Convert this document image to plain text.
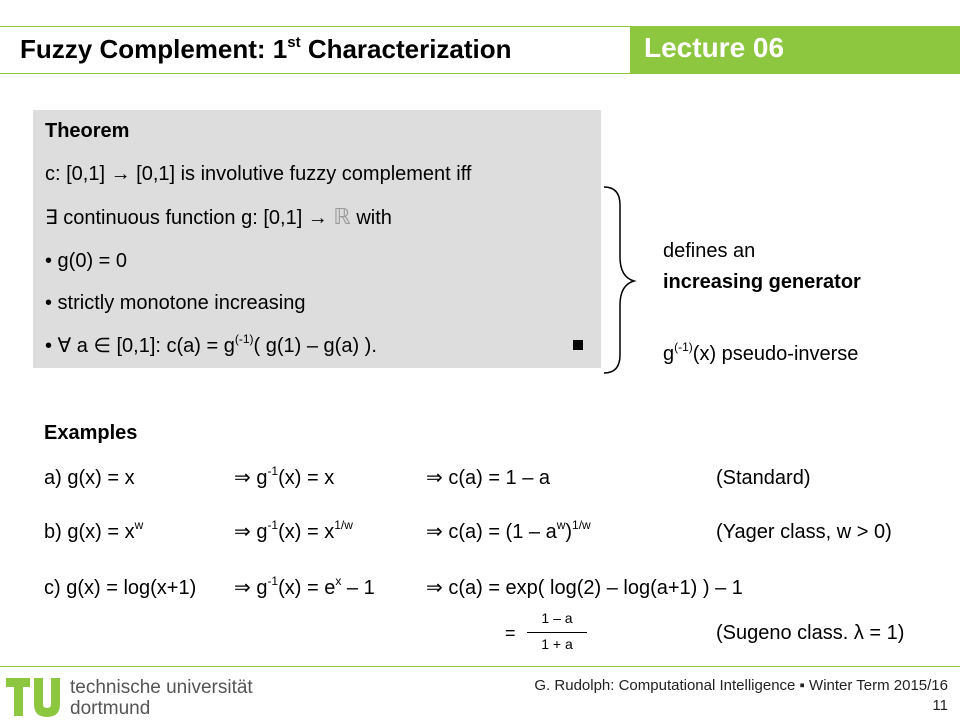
Fuzzy Complement: 1st Characterization	Lecture 06
Theorem
c: [0,1] → [0,1] is involutive fuzzy complement iff
∃ continuous function g: [0,1] → ℝ with
• g(0) = 0
• strictly monotone increasing
• ∀ a ∈ [0,1]: $c(a) = g^{(-1)}$( g(1) – g(a) ).
defines an
increasing generator
$g^{(-1)}(x)$ pseudo-inverse
Examples
a) g(x) = x	⇒ $g^{-1}(x) = x$	⇒ c(a) = 1 – a	(Standard)
b) $g(x) = x^w$	⇒ $g^{-1}(x) = x^{1/w}$	⇒ $c(a) = (1 - a^w)^{1/w}$	(Yager class, w > 0)
c) g(x) = log(x+1) ⇒ $g^{-1}(x) = e^x - 1$	⇒ c(a) = exp( log(2) – log(a+1) ) – 1
=
1 – a
1 + a	(Sugeno class. λ = 1)
technische universität
dortmund
G. Rudolph: Computational Intelligence ▪ Winter Term 2015/16
11
